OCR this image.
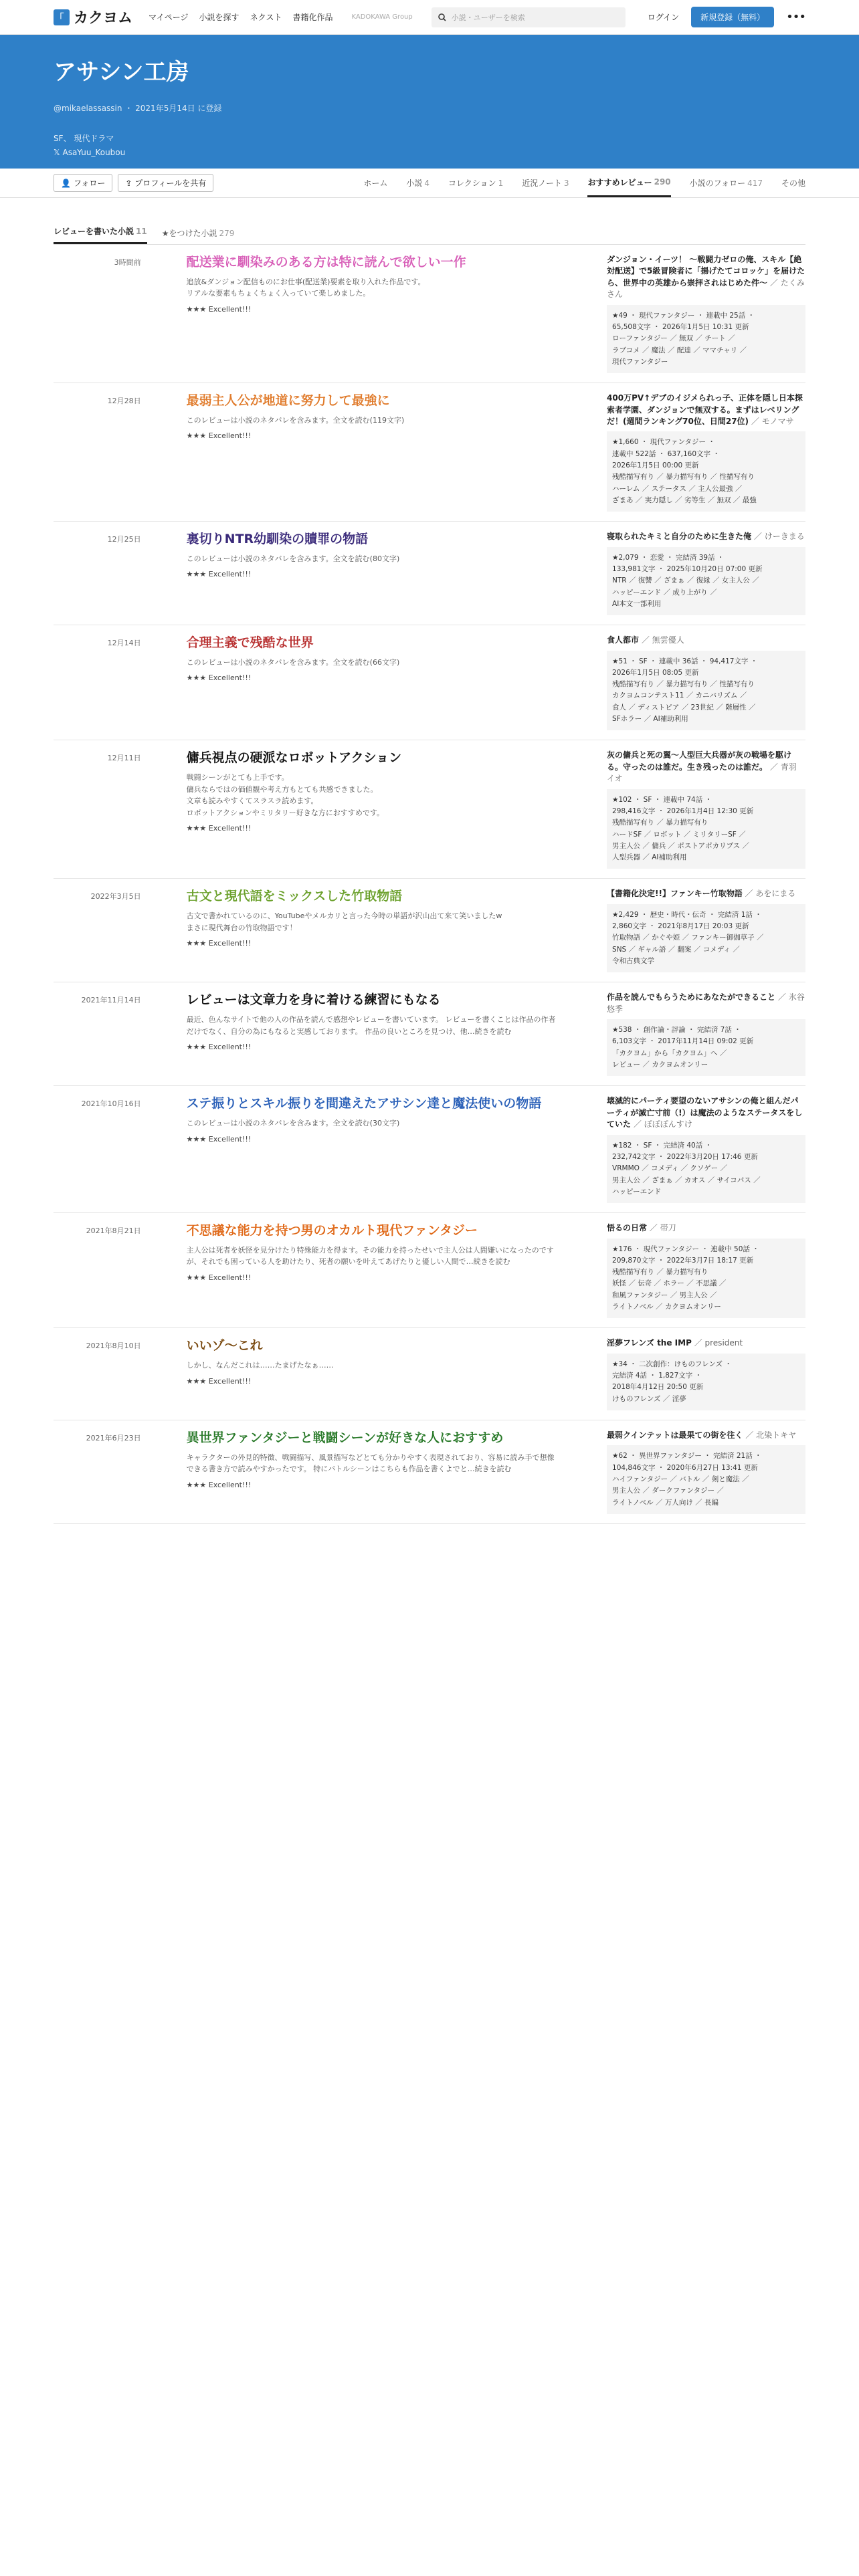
｢ カクヨム マイページ 小説を探す ネクスト 書籍化作品	KADOKAWA Group	小説・ユーザーを検索	ログイン	新規登録（無料）	•••
アサシン工房
@mikaelassassin ・ 2021年5月14日 に登録
SF、 現代ドラマ
𝕏 AsaYuu_Koubou
👤 フォロー	⇪ プロフィールを共有	ホーム 小説 4 コレクション 1 近況ノート 3 おすすめレビュー 290 小説のフォロー 417 その他
レビューを書いた小説 11 ★をつけた小説 279
3時間前	配送業に馴染みのある方は特に読んで欲しい一作
追放&ダンジョン配信ものにお仕事(配送業)要素を取り入れた作品です。
リアルな要素もちょくちょく入っていて楽しめました。
★★★ Excellent!!!
ダンジョン・イーツ！ ～戦闘力ゼロの俺、スキル【絶対配送】で5級冒険者に「揚げたてコロッケ」を届けたら、世界中の英雄から崇拝されはじめた件～ ／ たくみさん
★49 ・ 現代ファンタジー ・ 連載中 25話 ・
65,508文字 ・ 2026年1月5日 10:31 更新
ローファンタジー ／ 無双 ／ チート ／
ラブコメ ／ 魔法 ／ 配達 ／ ママチャリ ／
現代ファンタジー
12月28日	最弱主人公が地道に努力して最強に
このレビューは小説のネタバレを含みます。全文を読む(119文字)
★★★ Excellent!!!
400万PV↑デブのイジメられっ子、正体を隠し日本探索者学園、ダンジョンで無双する。まずはレベリングだ！(週間ランキング70位、日間27位) ／ モノマサ
★1,660 ・ 現代ファンタジー ・
連載中 522話 ・ 637,160文字 ・
2026年1月5日 00:00 更新
残酷描写有り ／ 暴力描写有り ／ 性描写有り
ハーレム ／ ステータス ／ 主人公最強 ／
ざまあ ／ 実力隠し ／ 劣等生 ／ 無双 ／ 最強
12月25日	裏切りNTR幼馴染の贖罪の物語
このレビューは小説のネタバレを含みます。全文を読む(80文字)
★★★ Excellent!!!
寝取られたキミと自分のために生きた俺 ／ けーきまる
★2,079 ・ 恋愛 ・ 完結済 39話 ・
133,981文字 ・ 2025年10月20日 07:00 更新
NTR ／ 復讐 ／ ざまぁ ／ 復縁 ／ 女主人公 ／
ハッピーエンド ／ 成り上がり ／
AI本文一部利用
12月14日	合理主義で残酷な世界
このレビューは小説のネタバレを含みます。全文を読む(66文字)
★★★ Excellent!!!
食人都市 ／ 無雲優人
★51 ・ SF ・ 連載中 36話 ・ 94,417文字 ・
2026年1月5日 08:05 更新
残酷描写有り ／ 暴力描写有り ／ 性描写有り
カクヨムコンテスト11 ／ カニバリズム ／
食人 ／ ディストピア ／ 23世紀 ／ 階層性 ／
SFホラー ／ AI補助利用
12月11日	傭兵視点の硬派なロボットアクション
戦闘シーンがとても上手です。
傭兵ならではの価値観や考え方もとても共感できました。
文章も読みやすくてスラスラ読めます。
ロボットアクションやミリタリー好きな方におすすめです。
★★★ Excellent!!!
灰の傭兵と死の翼〜人型巨大兵器が灰の戦場を駆ける。守ったのは誰だ。生き残ったのは誰だ。 ／ 青羽 イオ
★102 ・ SF ・ 連載中 74話 ・
298,416文字 ・ 2026年1月4日 12:30 更新
残酷描写有り ／ 暴力描写有り
ハードSF ／ ロボット ／ ミリタリーSF ／
男主人公 ／ 傭兵 ／ ポストアポカリプス ／
人型兵器 ／ AI補助利用
2022年3月5日	古文と現代語をミックスした竹取物語
古文で書かれているのに、YouTubeやメルカリと言った今時の単語が沢山出て来て笑いましたw
まさに現代舞台の竹取物語です！
★★★ Excellent!!!
【書籍化決定!!】ファンキー竹取物語 ／ あをにまる
★2,429 ・ 歴史・時代・伝奇 ・ 完結済 1話 ・
2,860文字 ・ 2021年8月17日 20:03 更新
竹取物語 ／ かぐや姫 ／ ファンキー御伽草子 ／
SNS ／ ギャル語 ／ 翻案 ／ コメディ ／
令和古典文学
2021年11月14日	レビューは文章力を身に着ける練習にもなる
最近、色んなサイトで他の人の作品を読んで感想やレビューを書いています。 レビューを書くことは作品の作者だけでなく、自分の為にもなると実感しております。 作品の良いところを見つけ、他…続きを読む
★★★ Excellent!!!
作品を読んでもらうためにあなたができること ／ 氷谷 悠季
★538 ・ 創作論・評論 ・ 完結済 7話 ・
6,103文字 ・ 2017年11月14日 09:02 更新
「カクヨム」から「カクヨム」へ ／
レビュー ／ カクヨムオンリー
2021年10月16日	ステ振りとスキル振りを間違えたアサシン達と魔法使いの物語
このレビューは小説のネタバレを含みます。全文を読む(30文字)
★★★ Excellent!!!
壊滅的にパーティ要望のないアサシンの俺と組んだパーティが滅亡寸前（!）は魔法のようなステータスをしていた ／ ぽぽぽんすけ
★182 ・ SF ・ 完結済 40話 ・
232,742文字 ・ 2022年3月20日 17:46 更新
VRMMO ／ コメディ ／ クソゲー ／
男主人公 ／ ざまぁ ／ カオス ／ サイコパス ／
ハッピーエンド
2021年8月21日	不思議な能力を持つ男のオカルト現代ファンタジー
主人公は死者を妖怪を見分けたり特殊能力を得ます。その能力を持ったせいで主人公は人間嫌いになったのですが、それでも困っている人を助けたり、死者の願いを叶えてあげたりと優しい人間で…続きを読む
★★★ Excellent!!!
悟るの日常 ／ 帯刀
★176 ・ 現代ファンタジー ・ 連載中 50話 ・
209,870文字 ・ 2022年3月7日 18:17 更新
残酷描写有り ／ 暴力描写有り
妖怪 ／ 伝奇 ／ ホラー ／ 不思議 ／
和風ファンタジー ／ 男主人公 ／
ライトノベル ／ カクヨムオンリー
2021年8月10日	いいゾ〜これ
しかし、なんだこれは……たまげたなぁ……
★★★ Excellent!!!
淫夢フレンズ the IMP ／ president
★34 ・ 二次創作：けものフレンズ ・
完結済 4話 ・ 1,827文字 ・
2018年4月12日 20:50 更新
けものフレンズ ／ 淫夢
2021年6月23日	異世界ファンタジーと戦闘シーンが好きな人におすすめ
キャラクターの外見的特徴、戦闘描写、風景描写などとても分かりやすく表現されており、容易に読み手で想像できる書き方で読みやすかったです。 特にバトルシーンはこちらも作品を書くよでと…続きを読む
★★★ Excellent!!!
最弱クインテットは最果ての街を往く ／ 北染トキヤ
★62 ・ 異世界ファンタジー ・ 完結済 21話 ・
104,846文字 ・ 2020年6月27日 13:41 更新
ハイファンタジー ／ バトル ／ 剣と魔法 ／
男主人公 ／ ダークファンタジー ／
ライトノベル ／ 万人向け ／ 長編
